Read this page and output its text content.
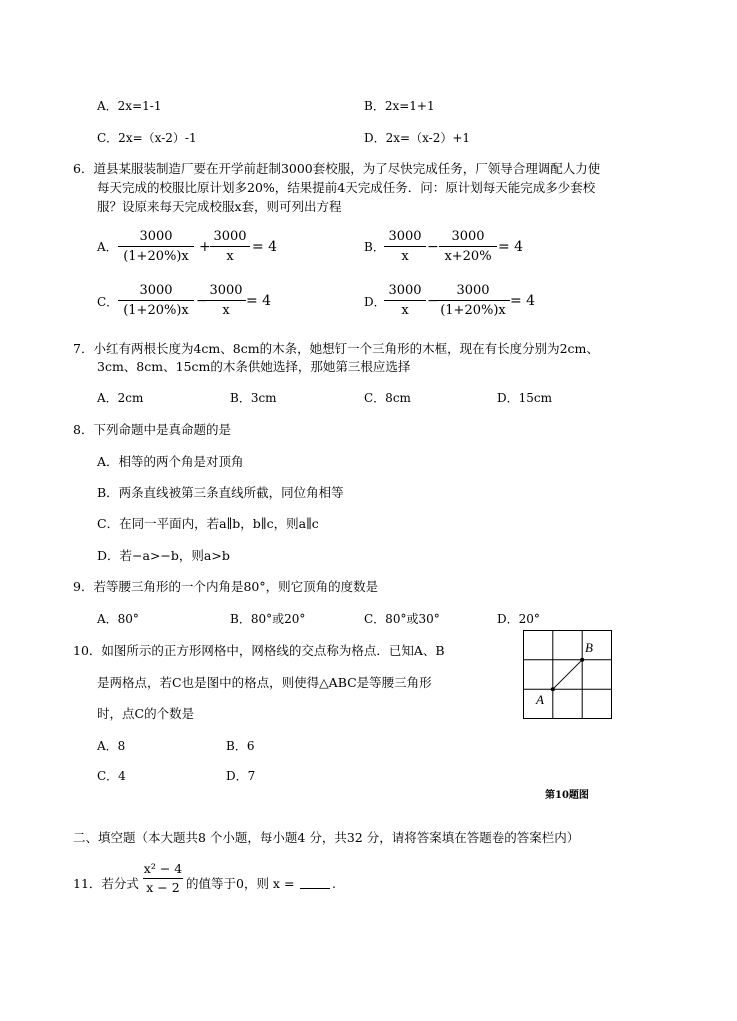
A．2x=1-1	B．2x=1+1
C．2x=（x-2）-1	D．2x=（x-2）+1
6．道县某服装制造厂要在开学前赶制3000套校服，为了尽快完成任务，厂领导合理调配人力使
每天完成的校服比原计划多20%，结果提前4天完成任务．问：原计划每天能完成多少套校
服？设原来每天完成校服x套，则可列出方程
A．
3000
(1+20%)x
+
3000
x
= 4	B．
3000
x
−
3000
x+20%
= 4
C．
3000
(1+20%)x
−
3000
x
= 4	D．
3000
x
−
3000
(1+20%)x
= 4
7．小红有两根长度为4cm、8cm的木条，她想钉一个三角形的木框，现在有长度分别为2cm、
3cm、8cm、15cm的木条供她选择，那她第三根应选择
A．2cm	B．3cm	C．8cm	D．15cm
8．下列命题中是真命题的是
A．相等的两个角是对顶角
B．两条直线被第三条直线所截，同位角相等
C．在同一平面内，若a∥b，b∥c，则a∥c
D．若−a>−b，则a>b
9．若等腰三角形的一个内角是80°，则它顶角的度数是
A．80°	B．80°或20°	C．80°或30°	D．20°
10．如图所示的正方形网格中，网格线的交点称为格点．已知A、B
是两格点，若C也是图中的格点，则使得△ABC是等腰三角形
时，点C的个数是
A．8	B．6
C．4	D．7
A
B
第10题图
二、填空题（本大题共8 个小题，每小题4 分，共32 分，请将答案填在答题卷的答案栏内）
11．若分式
x² − 4
x − 2 的值等于0，则 x =	.
